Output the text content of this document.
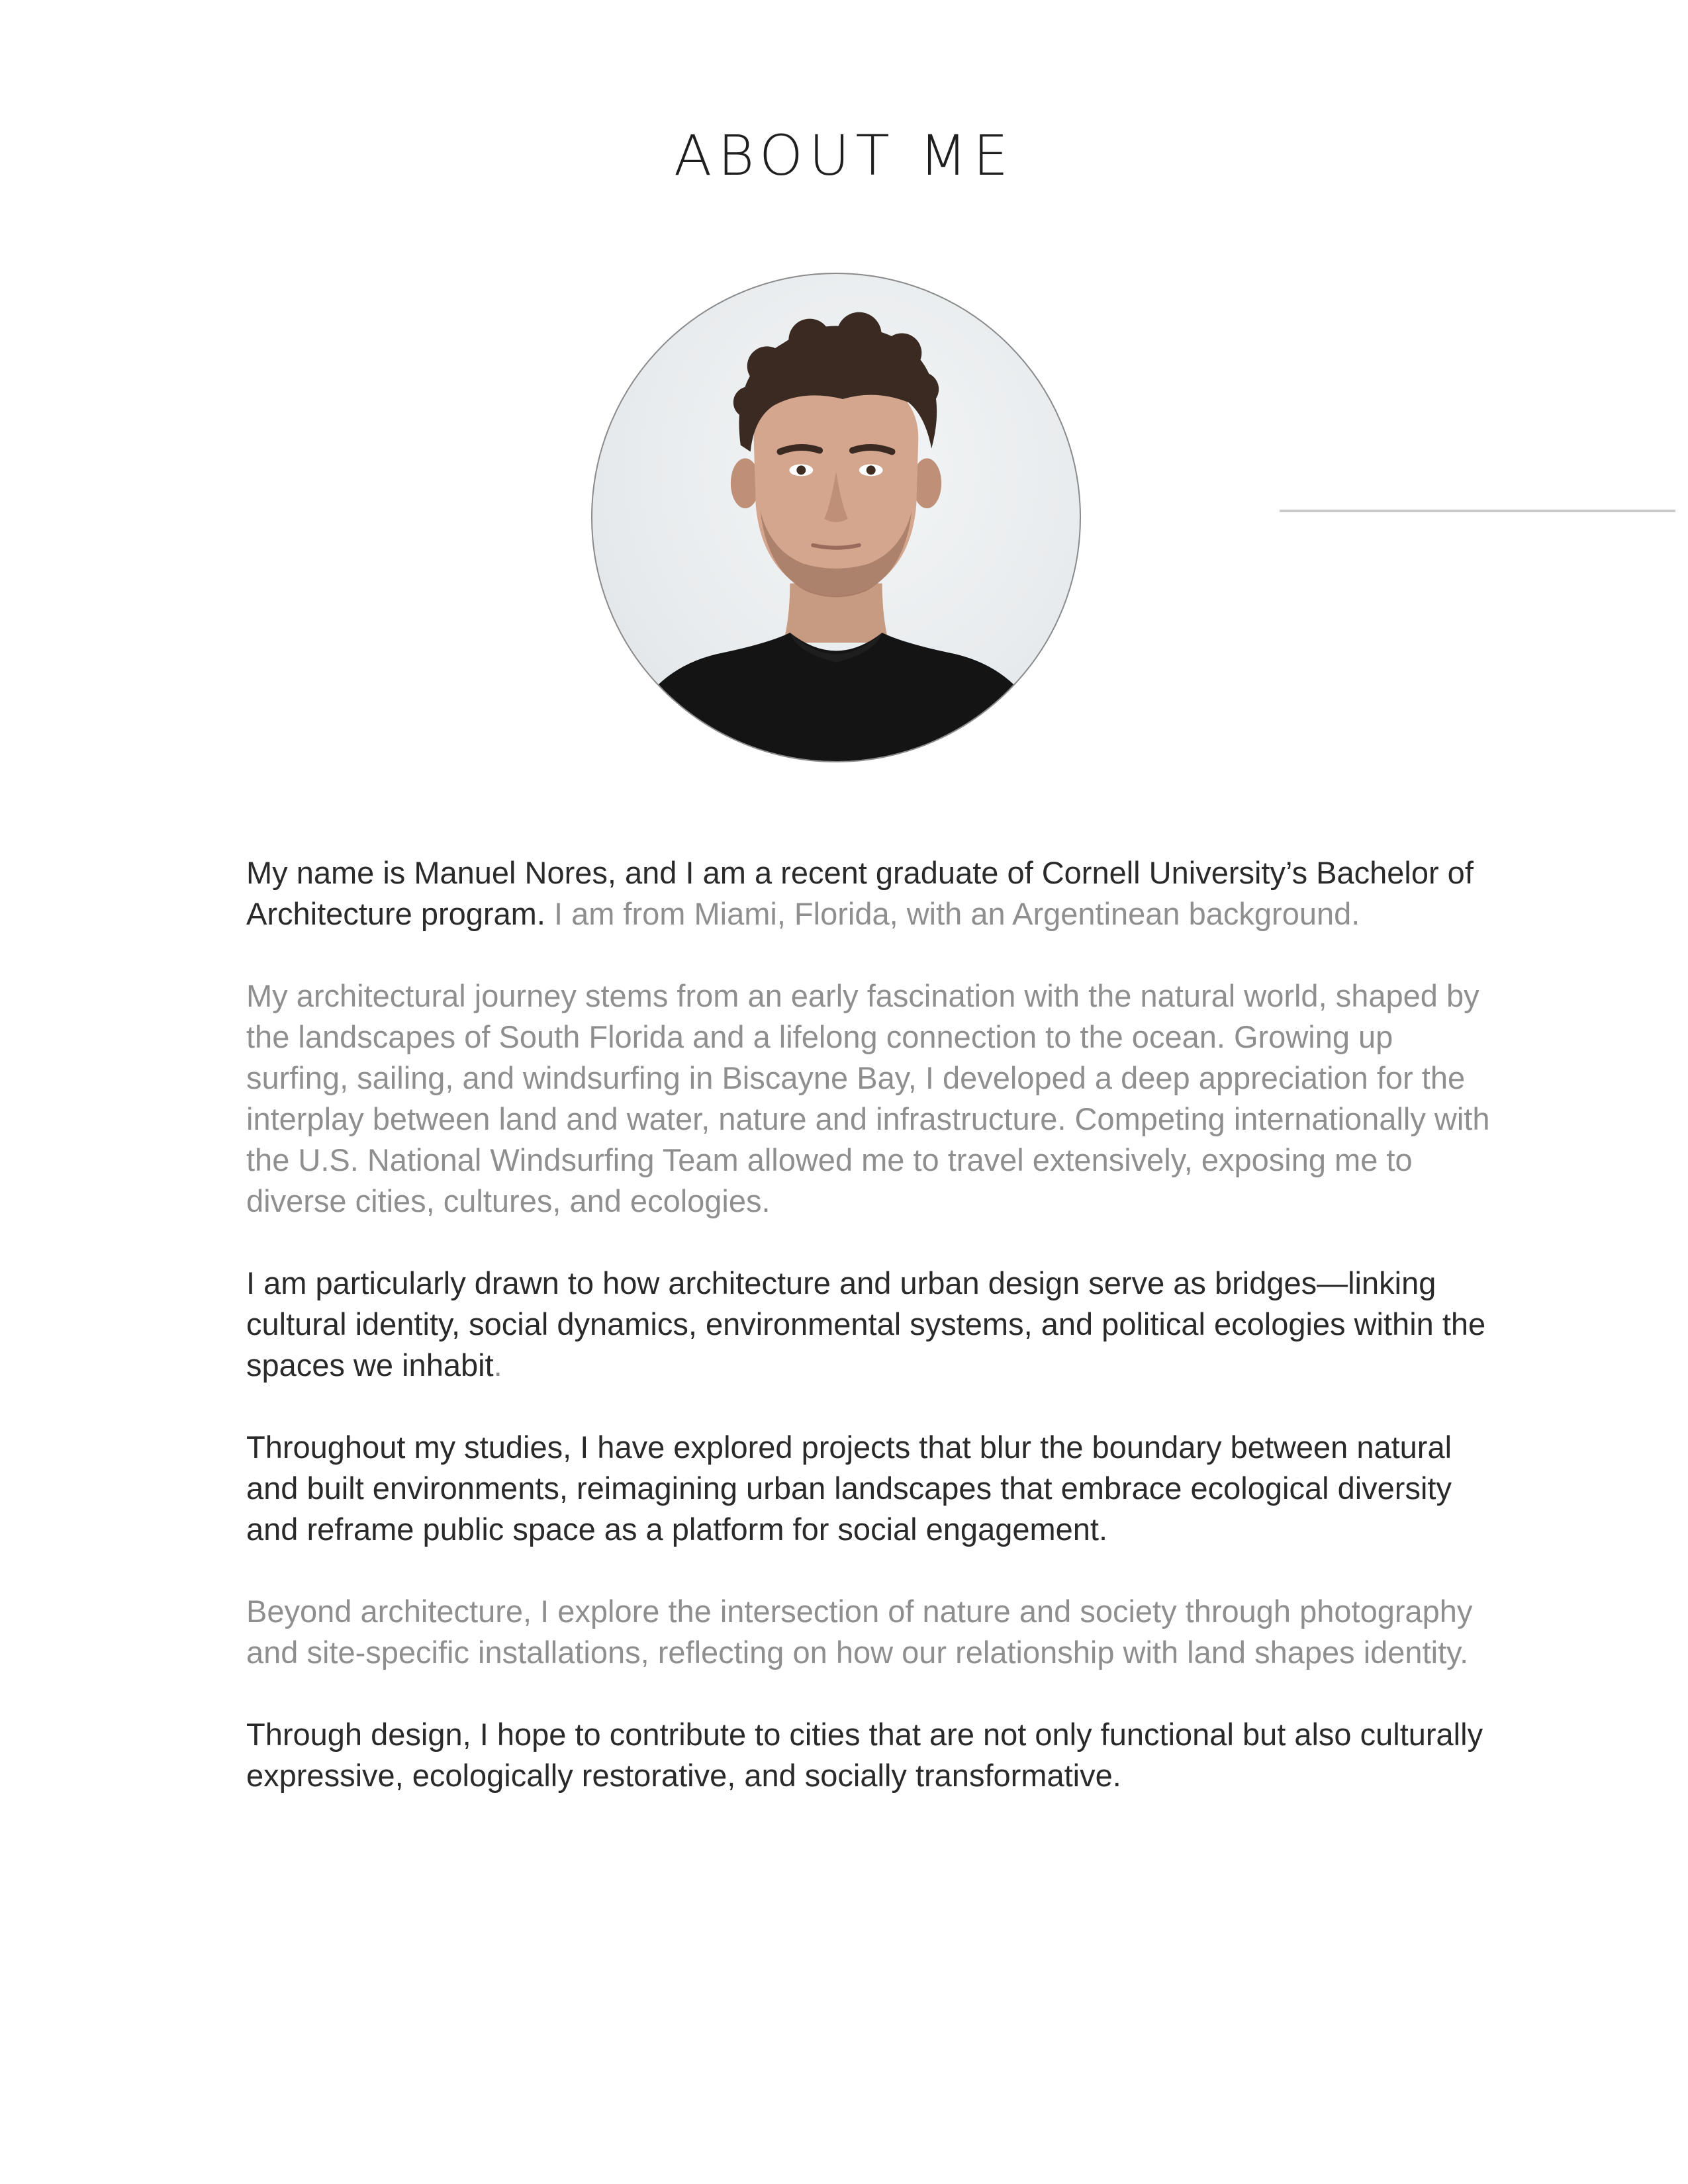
ABOUT ME

My name is Manuel Nores, and I am a recent graduate of Cornell University’s Bachelor of Architecture program. I am from Miami, Florida, with an Argentinean background.

My architectural journey stems from an early fascination with the natural world, shaped by the landscapes of South Florida and a lifelong connection to the ocean. Growing up surfing, sailing, and windsurfing in Biscayne Bay, I developed a deep appreciation for the interplay between land and water, nature and infrastructure. Competing internationally with the U.S. National Windsurfing Team allowed me to travel extensively, exposing me to diverse cities, cultures, and ecologies.

I am particularly drawn to how architecture and urban design serve as bridges—linking cultural identity, social dynamics, environmental systems, and political ecologies within the spaces we inhabit.

Throughout my studies, I have explored projects that blur the boundary between natural and built environments, reimagining urban landscapes that embrace ecological diversity and reframe public space as a platform for social engagement.

Beyond architecture, I explore the intersection of nature and society through photography and site-specific installations, reflecting on how our relationship with land shapes identity.

Through design, I hope to contribute to cities that are not only functional but also culturally expressive, ecologically restorative, and socially transformative.
